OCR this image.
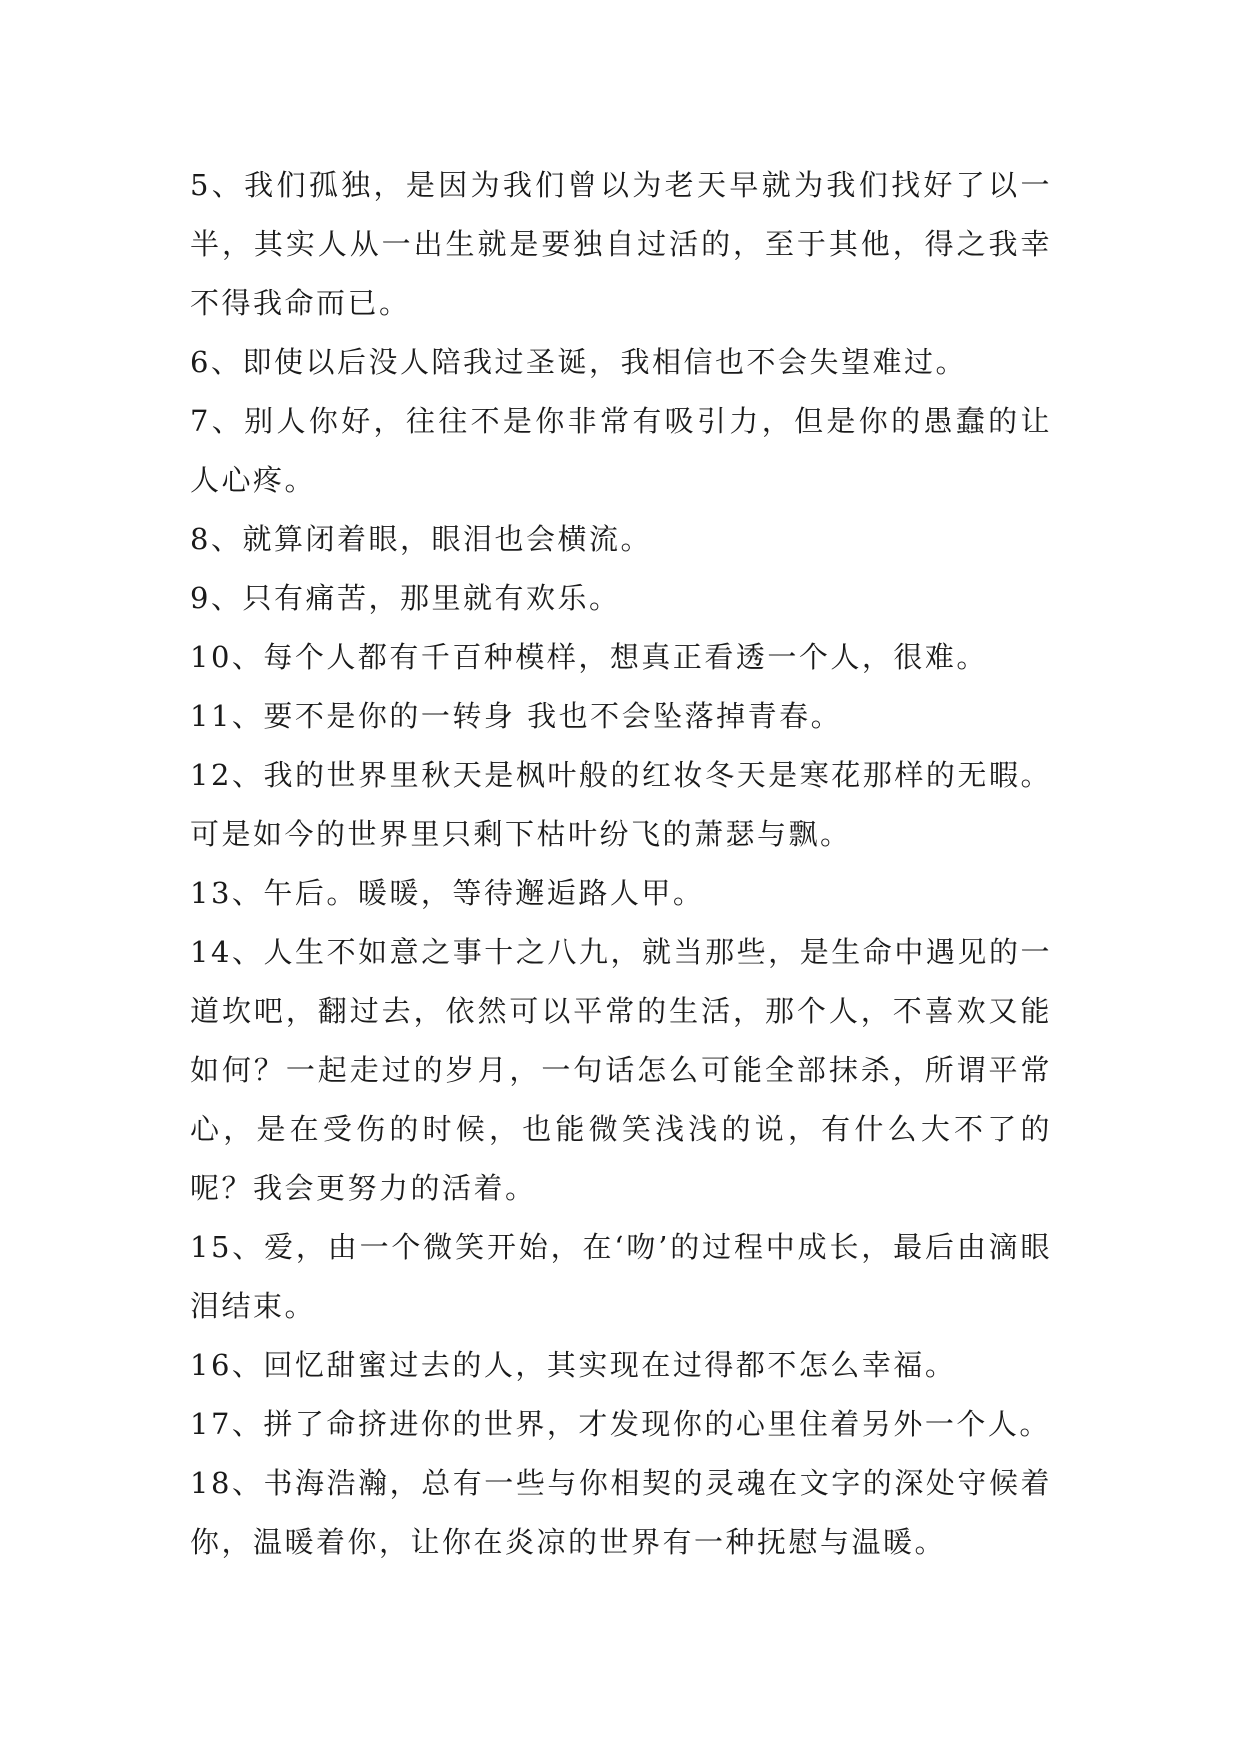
5、我们孤独，是因为我们曾以为老天早就为我们找好了以一半，其实人从一出生就是要独自过活的，至于其他，得之我幸不得我命而已。

6、即使以后没人陪我过圣诞，我相信也不会失望难过。

7、别人你好，往往不是你非常有吸引力，但是你的愚蠢的让人心疼。

8、就算闭着眼，眼泪也会横流。

9、只有痛苦，那里就有欢乐。

10、每个人都有千百种模样，想真正看透一个人，很难。

11、要不是你的一转身 我也不会坠落掉青春。

12、我的世界里秋天是枫叶般的红妆冬天是寒花那样的无暇。可是如今的世界里只剩下枯叶纷飞的萧瑟与飘。

13、午后。暖暖，等待邂逅路人甲。

14、人生不如意之事十之八九，就当那些，是生命中遇见的一道坎吧，翻过去，依然可以平常的生活，那个人，不喜欢又能如何？一起走过的岁月，一句话怎么可能全部抹杀，所谓平常心，是在受伤的时候，也能微笑浅浅的说，有什么大不了的呢？我会更努力的活着。

15、爱，由一个微笑开始，在‘吻’的过程中成长，最后由滴眼泪结束。

16、回忆甜蜜过去的人，其实现在过得都不怎么幸福。

17、拼了命挤进你的世界，才发现你的心里住着另外一个人。

18、书海浩瀚，总有一些与你相契的灵魂在文字的深处守候着你，温暖着你，让你在炎凉的世界有一种抚慰与温暖。
